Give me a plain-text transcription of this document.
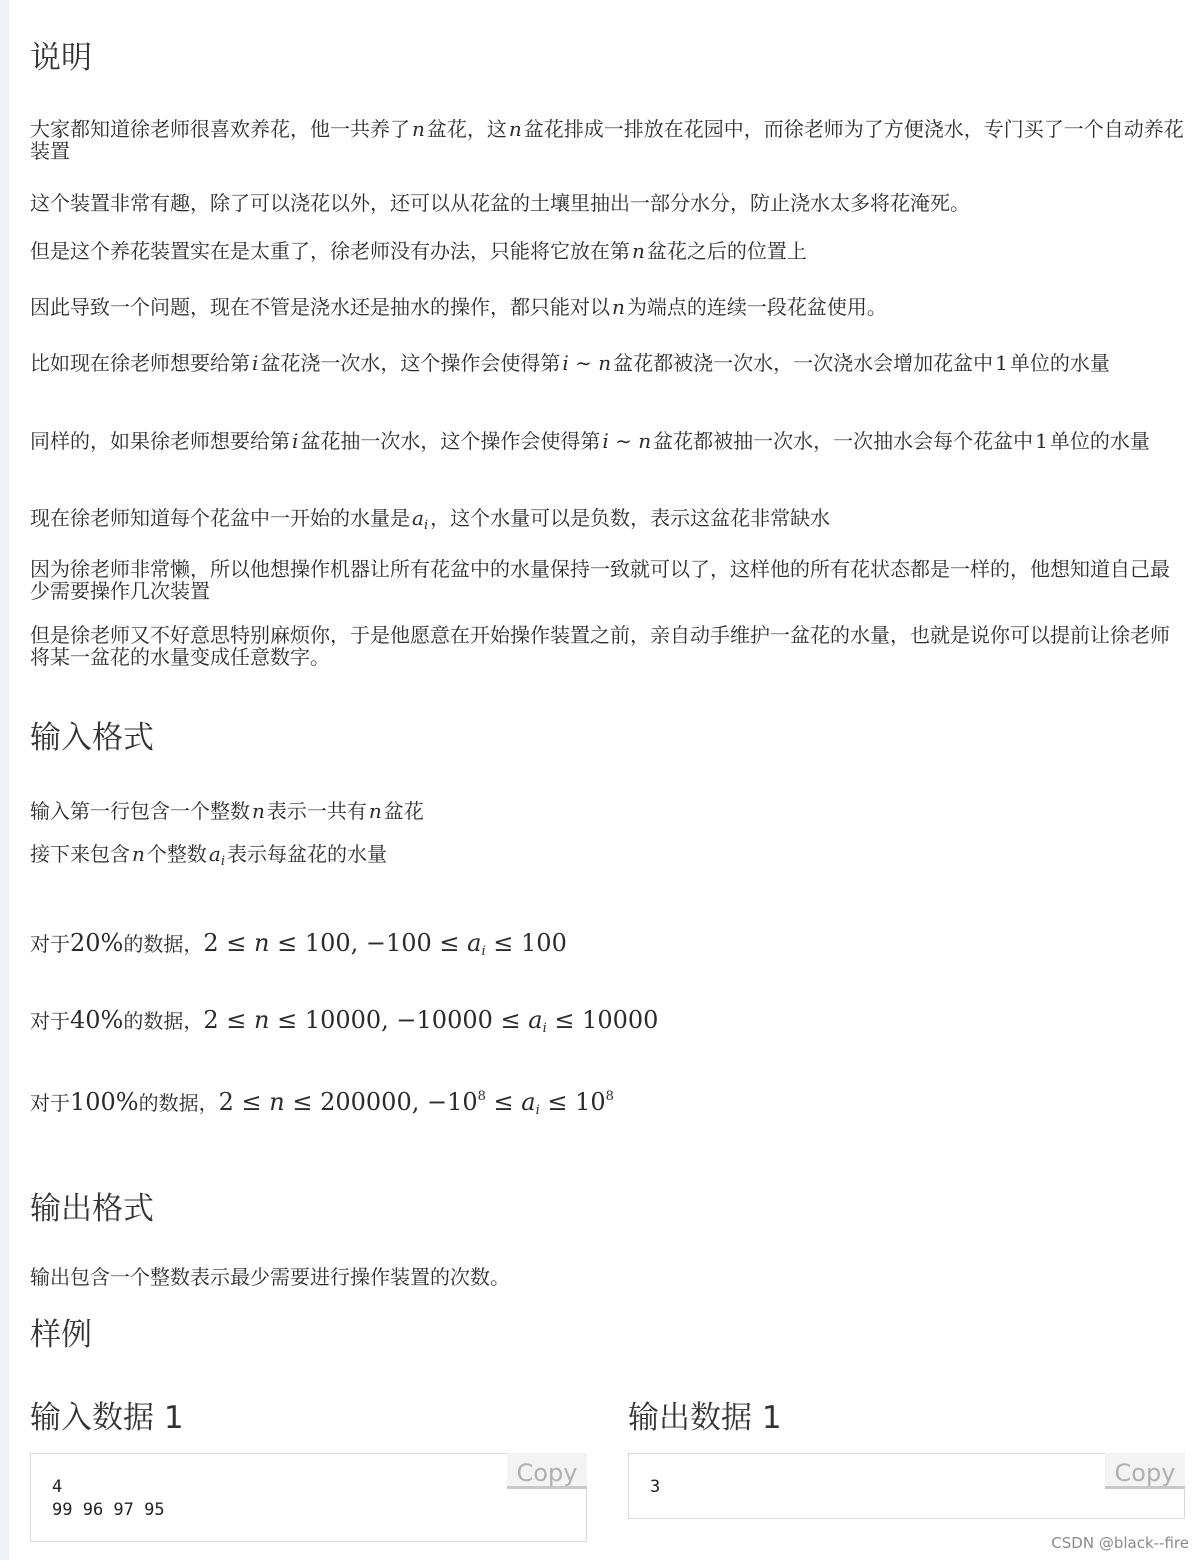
说明

大家都知道徐老师很喜欢养花，他一共养了 n 盆花，这 n 盆花排成一排放在花园中，而徐老师为了方便浇水，专门买了一个自动养花装置

这个装置非常有趣，除了可以浇花以外，还可以从花盆的土壤里抽出一部分水分，防止浇水太多将花淹死。

但是这个养花装置实在是太重了，徐老师没有办法，只能将它放在第 n 盆花之后的位置上

因此导致一个问题，现在不管是浇水还是抽水的操作，都只能对以 n 为端点的连续一段花盆使用。

比如现在徐老师想要给第 i 盆花浇一次水，这个操作会使得第 i ∼ n 盆花都被浇一次水，一次浇水会增加花盆中 1 单位的水量

同样的，如果徐老师想要给第 i 盆花抽一次水，这个操作会使得第 i ∼ n 盆花都被抽一次水，一次抽水会每个花盆中 1 单位的水量

现在徐老师知道每个花盆中一开始的水量是 $a_i$ ，这个水量可以是负数，表示这盆花非常缺水

因为徐老师非常懒，所以他想操作机器让所有花盆中的水量保持一致就可以了，这样他的所有花状态都是一样的，他想知道自己最少需要操作几次装置

但是徐老师又不好意思特别麻烦你，于是他愿意在开始操作装置之前，亲自动手维护一盆花的水量，也就是说你可以提前让徐老师将某一盆花的水量变成任意数字。

输入格式

输入第一行包含一个整数 n 表示一共有 n 盆花

接下来包含 n 个整数 $a_i$ 表示每盆花的水量

对于20%的数据，2 ≤ n ≤ 100, $-100 \le a_i \le 100$

对于40%的数据，2 ≤ n ≤ 10000, $-10000 \le a_i \le 10000$

对于100%的数据，2 ≤ n ≤ 200000, $-10^8 \le a_i \le 10^8$

输出格式

输出包含一个整数表示最少需要进行操作装置的次数。

样例
输入数据 1	输出数据 1
4
99 96 97 95
Copy	3	Copy
CSDN @black--fire
